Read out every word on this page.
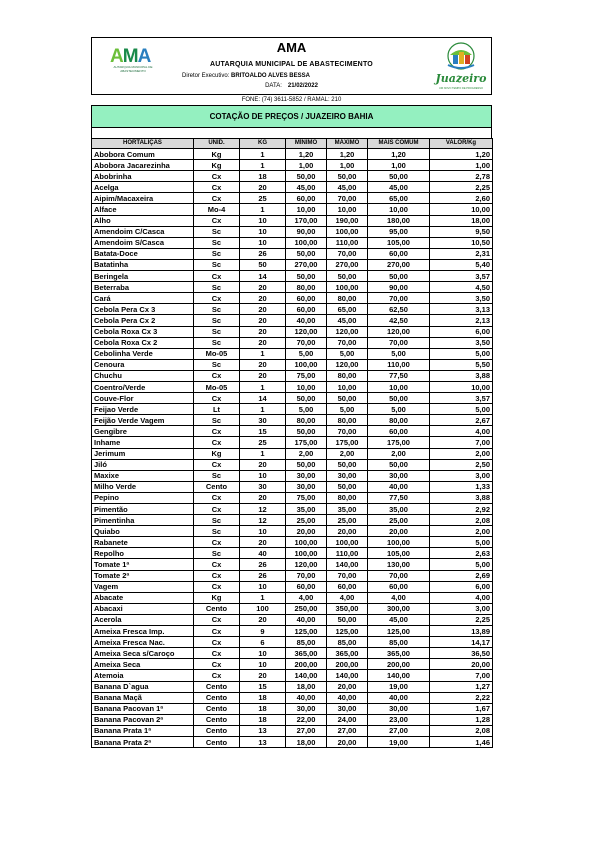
AMA
AUTARQUIA MUNICIPAL DE ABASTECIMENTO
AMA
AUTARQUIA MUNICIPAL DE ABASTECIMENTO
Diretor Executivo: BRITOALDO ALVES BESSA
DATA: 21/02/2022
Juazeiro
UM NOVO TEMPO DE PROGRESSO
FONE: (74) 3611-5852 / RAMAL: 210
COTAÇÃO DE PREÇOS / JUAZEIRO BAHIA
HORTALIÇAS	UNID.	KG	MÍNIMO	MÁXIMO	MAIS COMUM	VALOR/Kg
Abobora Comum	Kg	1	1,20	1,20	1,20	1,20
Abobora Jacarezinha	Kg	1	1,00	1,00	1,00	1,00
Abobrinha	Cx	18	50,00	50,00	50,00	2,78
Acelga	Cx	20	45,00	45,00	45,00	2,25
Aipim/Macaxeira	Cx	25	60,00	70,00	65,00	2,60
Alface	Mo-4	1	10,00	10,00	10,00	10,00
Alho	Cx	10	170,00	190,00	180,00	18,00
Amendoim C/Casca	Sc	10	90,00	100,00	95,00	9,50
Amendoim S/Casca	Sc	10	100,00	110,00	105,00	10,50
Batata-Doce	Sc	26	50,00	70,00	60,00	2,31
Batatinha	Sc	50	270,00	270,00	270,00	5,40
Beringela	Cx	14	50,00	50,00	50,00	3,57
Beterraba	Sc	20	80,00	100,00	90,00	4,50
Cará	Cx	20	60,00	80,00	70,00	3,50
Cebola Pera Cx 3	Sc	20	60,00	65,00	62,50	3,13
Cebola Pera Cx 2	Sc	20	40,00	45,00	42,50	2,13
Cebola Roxa Cx 3	Sc	20	120,00	120,00	120,00	6,00
Cebola Roxa Cx 2	Sc	20	70,00	70,00	70,00	3,50
Cebolinha Verde	Mo-05	1	5,00	5,00	5,00	5,00
Cenoura	Sc	20	100,00	120,00	110,00	5,50
Chuchu	Cx	20	75,00	80,00	77,50	3,88
Coentro/Verde	Mo-05	1	10,00	10,00	10,00	10,00
Couve-Flor	Cx	14	50,00	50,00	50,00	3,57
Feijao Verde	Lt	1	5,00	5,00	5,00	5,00
Feijão Verde Vagem	Sc	30	80,00	80,00	80,00	2,67
Gengibre	Cx	15	50,00	70,00	60,00	4,00
Inhame	Cx	25	175,00	175,00	175,00	7,00
Jerimum	Kg	1	2,00	2,00	2,00	2,00
Jiló	Cx	20	50,00	50,00	50,00	2,50
Maxixe	Sc	10	30,00	30,00	30,00	3,00
Milho Verde	Cento	30	30,00	50,00	40,00	1,33
Pepino	Cx	20	75,00	80,00	77,50	3,88
Pimentão	Cx	12	35,00	35,00	35,00	2,92
Pimentinha	Sc	12	25,00	25,00	25,00	2,08
Quiabo	Sc	10	20,00	20,00	20,00	2,00
Rabanete	Cx	20	100,00	100,00	100,00	5,00
Repolho	Sc	40	100,00	110,00	105,00	2,63
Tomate 1ª	Cx	26	120,00	140,00	130,00	5,00
Tomate 2ª	Cx	26	70,00	70,00	70,00	2,69
Vagem	Cx	10	60,00	60,00	60,00	6,00
Abacate	Kg	1	4,00	4,00	4,00	4,00
Abacaxi	Cento	100	250,00	350,00	300,00	3,00
Acerola	Cx	20	40,00	50,00	45,00	2,25
Ameixa Fresca Imp.	Cx	9	125,00	125,00	125,00	13,89
Ameixa Fresca Nac.	Cx	6	85,00	85,00	85,00	14,17
Ameixa Seca s/Caroço	Cx	10	365,00	365,00	365,00	36,50
Ameixa Seca	Cx	10	200,00	200,00	200,00	20,00
Atemoia	Cx	20	140,00	140,00	140,00	7,00
Banana D`agua	Cento	15	18,00	20,00	19,00	1,27
Banana Maçã	Cento	18	40,00	40,00	40,00	2,22
Banana Pacovan 1ª	Cento	18	30,00	30,00	30,00	1,67
Banana Pacovan 2ª	Cento	18	22,00	24,00	23,00	1,28
Banana Prata 1ª	Cento	13	27,00	27,00	27,00	2,08
Banana Prata 2ª	Cento	13	18,00	20,00	19,00	1,46
